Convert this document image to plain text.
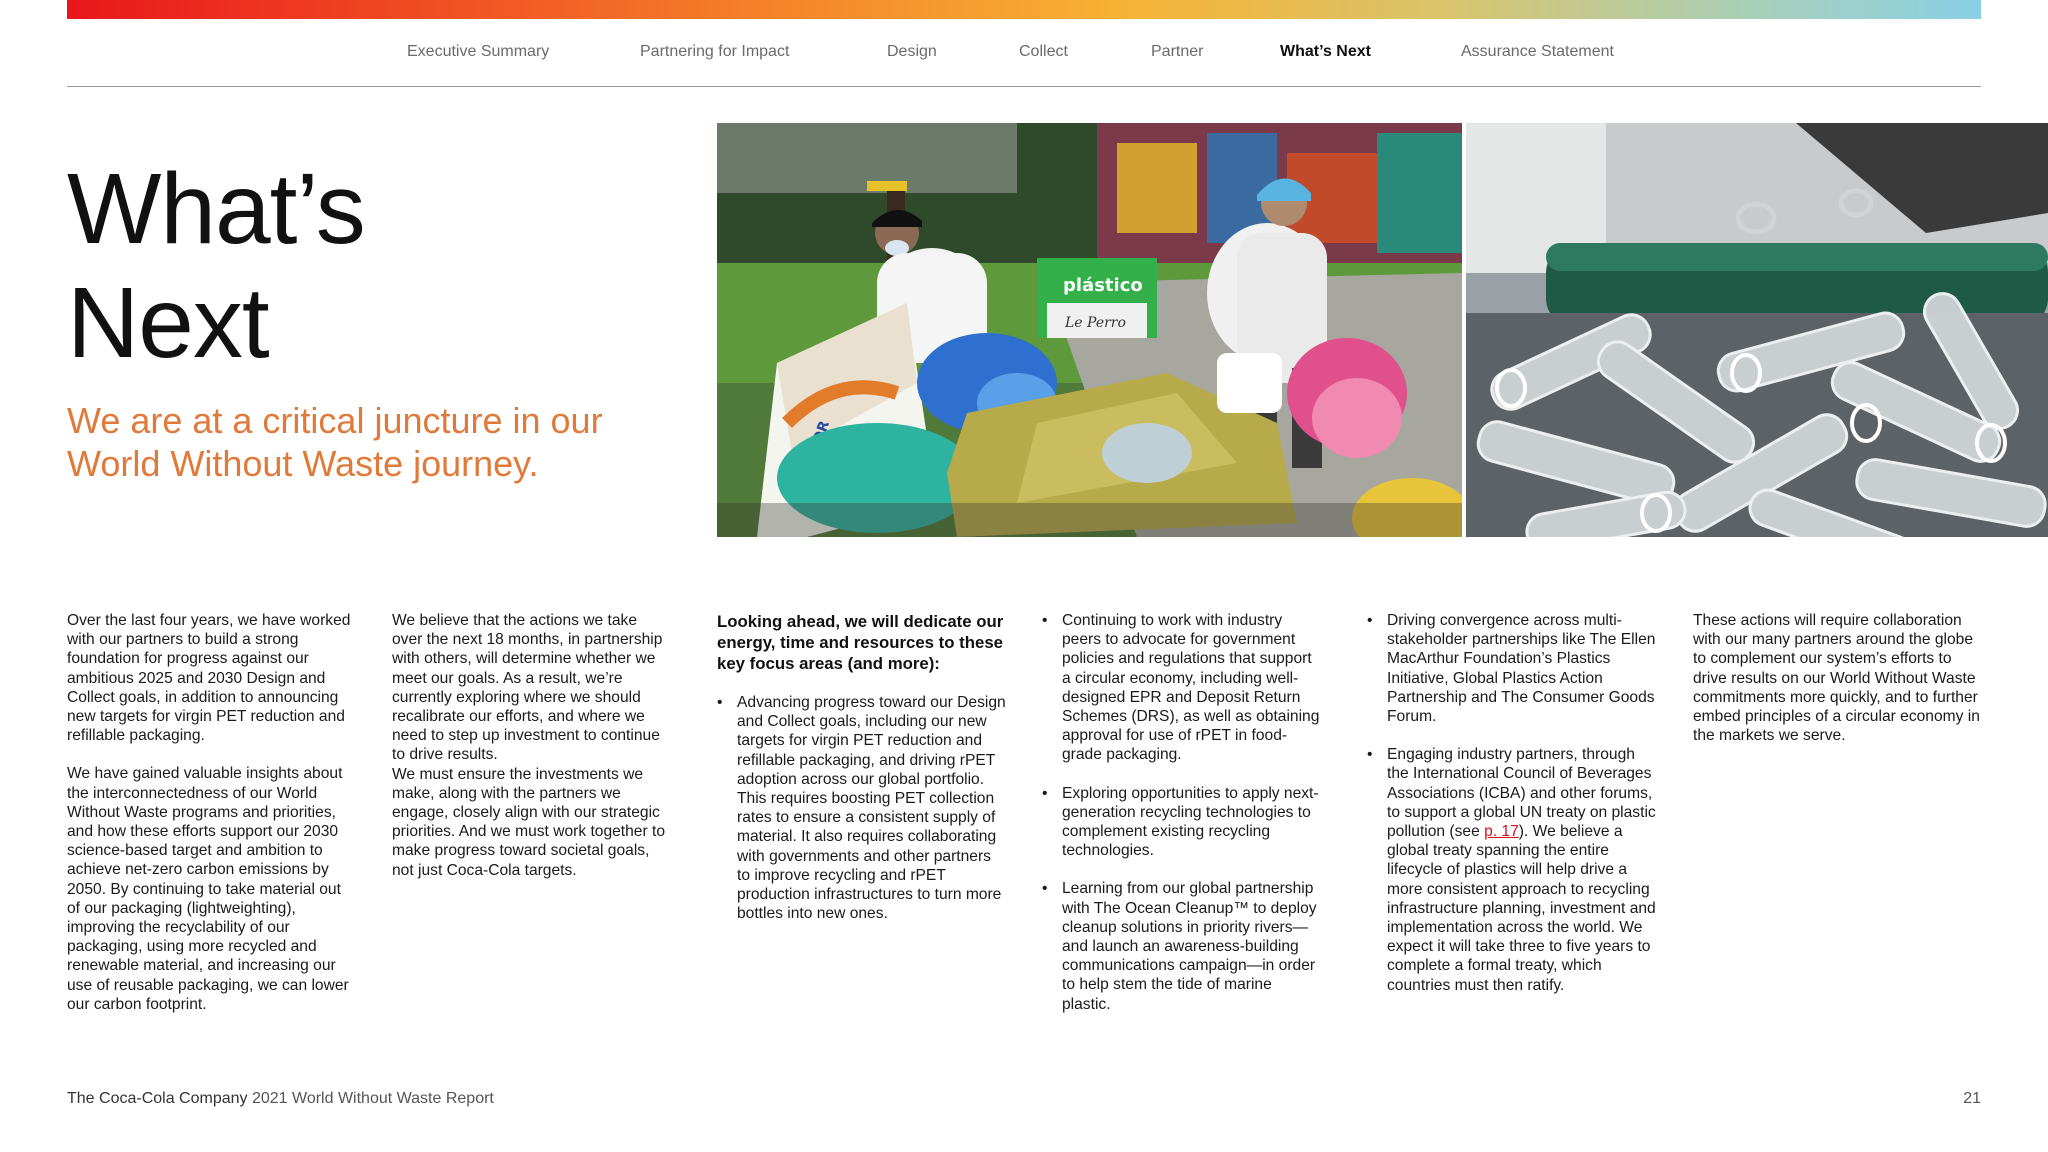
Executive Summary	Partnering for Impact	Design	Collect	Partner	What’s Next	Assurance Statement
What’s
Next
We are at a critical juncture in our World Without Waste journey.
plástico
Le Perro

Over the last four years, we have worked with our partners to build a strong foundation for progress against our ambitious 2025 and 2030 Design and Collect goals, in addition to announcing new targets for virgin PET reduction and refillable packaging.

We have gained valuable insights about the interconnectedness of our World Without Waste programs and priorities, and how these efforts support our 2030 science-based target and ambition to achieve net-zero carbon emissions by 2050. By continuing to take material out of our packaging (lightweighting), improving the recyclability of our packaging, using more recycled and renewable material, and increasing our use of reusable packaging, we can lower our carbon footprint.

We believe that the actions we take over the next 18 months, in partnership with others, will determine whether we meet our goals. As a result, we’re currently exploring where we should recalibrate our efforts, and where we need to step up investment to continue to drive results.

We must ensure the investments we make, along with the partners we engage, closely align with our strategic priorities. And we must work together to make progress toward societal goals, not just Coca‑Cola targets.

Looking ahead, we will dedicate our energy, time and resources to these key focus areas (and more):
• Advancing progress toward our Design and Collect goals, including our new targets for virgin PET reduction and refillable packaging, and driving rPET adoption across our global portfolio. This requires boosting PET collection rates to ensure a consistent supply of material. It also requires collaborating with governments and other partners to improve recycling and rPET production infrastructures to turn more bottles into new ones.
• Continuing to work with industry peers to advocate for government policies and regulations that support a circular economy, including well-designed EPR and Deposit Return Schemes (DRS), as well as obtaining approval for use of rPET in food-grade packaging.
• Exploring opportunities to apply next-generation recycling technologies to complement existing recycling technologies.
• Learning from our global partnership with The Ocean Cleanup™ to deploy cleanup solutions in priority rivers—and launch an awareness-building communications campaign—in order to help stem the tide of marine plastic.
• Driving convergence across multi-stakeholder partnerships like The Ellen MacArthur Foundation’s Plastics Initiative, Global Plastics Action Partnership and The Consumer Goods Forum.
• Engaging industry partners, through the International Council of Beverages Associations (ICBA) and other forums, to support a global UN treaty on plastic pollution (see p. 17). We believe a global treaty spanning the entire lifecycle of plastics will help drive a more consistent approach to recycling infrastructure planning, investment and implementation across the world. We expect it will take three to five years to complete a formal treaty, which countries must then ratify.

These actions will require collaboration with our many partners around the globe to complement our system’s efforts to drive results on our World Without Waste commitments more quickly, and to further embed principles of a circular economy in the markets we serve.

The Coca‑Cola Company 2021 World Without Waste Report	21
